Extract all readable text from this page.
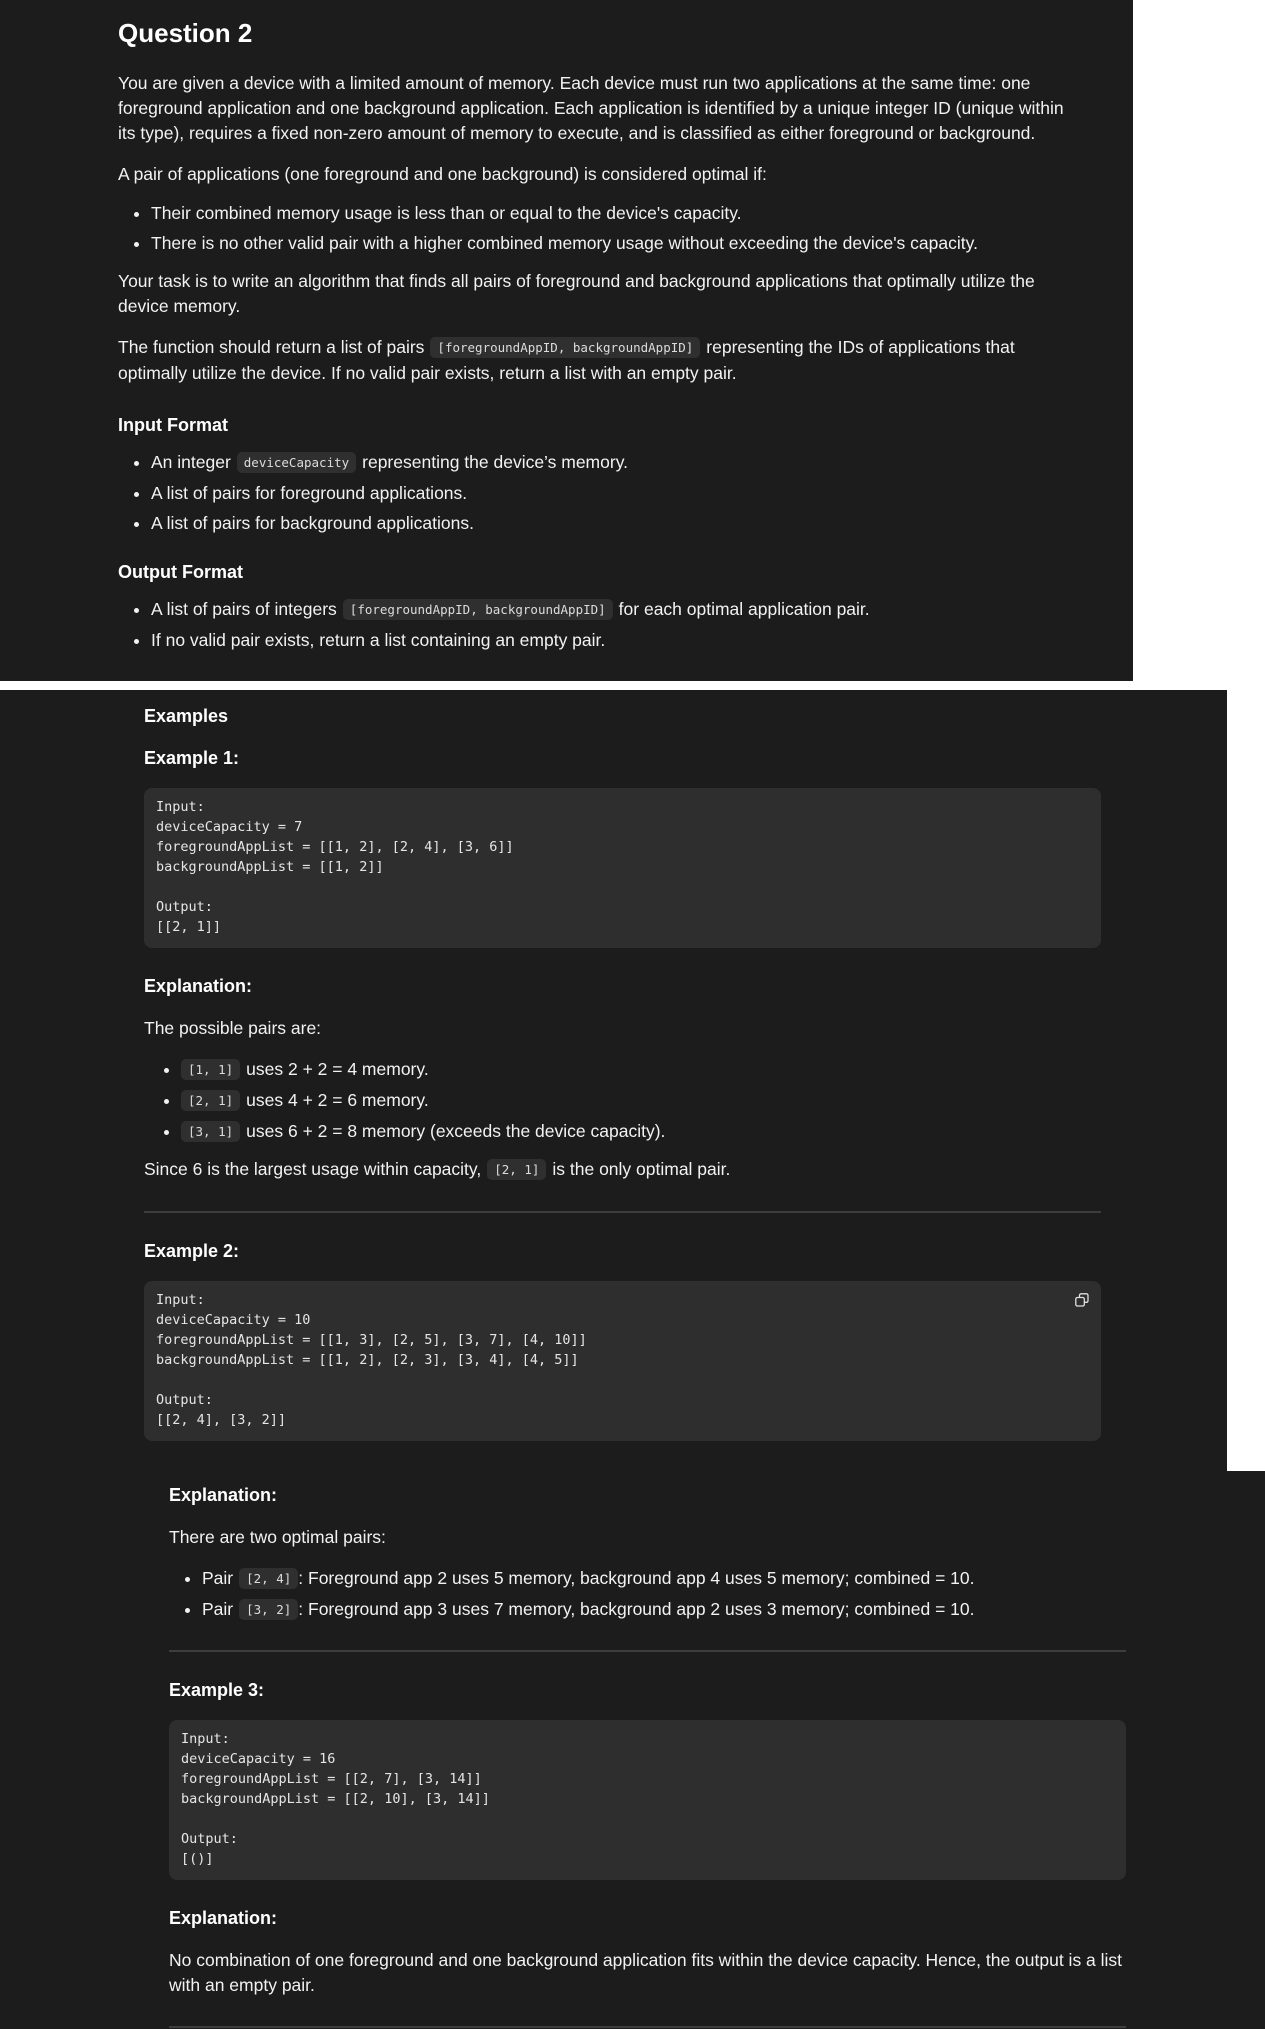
Question 2

You are given a device with a limited amount of memory. Each device must run two applications at the same time: one foreground application and one background application. Each application is identified by a unique integer ID (unique within its type), requires a fixed non-zero amount of memory to execute, and is classified as either foreground or background.

A pair of applications (one foreground and one background) is considered optimal if:

• Their combined memory usage is less than or equal to the device's capacity.
• There is no other valid pair with a higher combined memory usage without exceeding the device's capacity.

Your task is to write an algorithm that finds all pairs of foreground and background applications that optimally utilize the device memory.

The function should return a list of pairs [foregroundAppID, backgroundAppID] representing the IDs of applications that optimally utilize the device. If no valid pair exists, return a list with an empty pair.

Input Format
• An integer deviceCapacity representing the device’s memory.
• A list of pairs for foreground applications.
• A list of pairs for background applications.
Output Format
• A list of pairs of integers [foregroundAppID, backgroundAppID] for each optimal application pair.
• If no valid pair exists, return a list containing an empty pair.
Examples
Example 1:
Input:
deviceCapacity = 7
foregroundAppList = [[1, 2], [2, 4], [3, 6]]
backgroundAppList = [[1, 2]]

Output:
[[2, 1]]
Explanation:

The possible pairs are:

• [1, 1] uses 2 + 2 = 4 memory.
• [2, 1] uses 4 + 2 = 6 memory.
• [3, 1] uses 6 + 2 = 8 memory (exceeds the device capacity).

Since 6 is the largest usage within capacity, [2, 1] is the only optimal pair.

Example 2:
Input:
deviceCapacity = 10
foregroundAppList = [[1, 3], [2, 5], [3, 7], [4, 10]]
backgroundAppList = [[1, 2], [2, 3], [3, 4], [4, 5]]

Output:
[[2, 4], [3, 2]]
Explanation:

There are two optimal pairs:

• Pair [2, 4] : Foreground app 2 uses 5 memory, background app 4 uses 5 memory; combined = 10.
• Pair [3, 2] : Foreground app 3 uses 7 memory, background app 2 uses 3 memory; combined = 10.
Example 3:
Input:
deviceCapacity = 16
foregroundAppList = [[2, 7], [3, 14]]
backgroundAppList = [[2, 10], [3, 14]]

Output:
[()]
Explanation:

No combination of one foreground and one background application fits within the device capacity. Hence, the output is a list with an empty pair.
